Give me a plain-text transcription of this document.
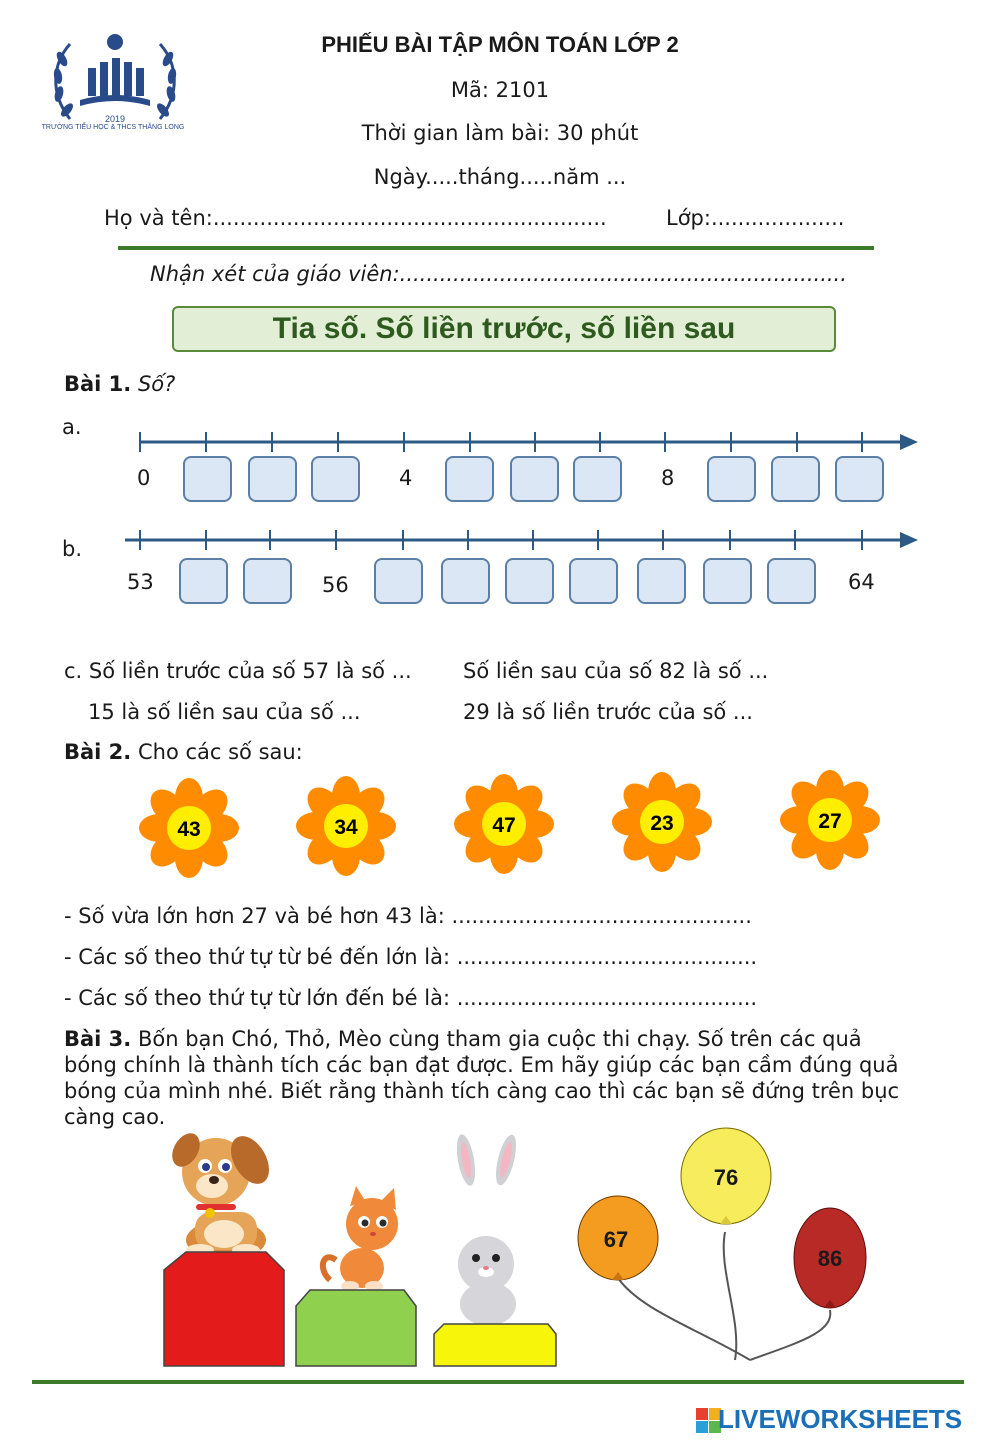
2019
TRƯỜNG TIỂU HỌC & THCS THĂNG LONG
PHIẾU BÀI TẬP MÔN TOÁN LỚP 2
Mã: 2101
Thời gian làm bài: 30 phút
Ngày.....tháng.....năm ...
Họ và tên:...........................................................	Lớp:....................
Nhận xét của giáo viên:...................................................................
Tia số. Số liền trước, số liền sau
Bài 1. Số?
a.
b.
0	4	8
53	56	64
c. Số liền trước của số 57 là số ... Số liền sau của số 82 là số ...
15 là số liền sau của số ...	29 là số liền trước của số ...
Bài 2. Cho các số sau:
43	34	47	23	27
- Số vừa lớn hơn 27 và bé hơn 43 là: .............................................
- Các số theo thứ tự từ bé đến lớn là: .............................................
- Các số theo thứ tự từ lớn đến bé là: .............................................
Bài 3. Bốn bạn Chó, Thỏ, Mèo cùng tham gia cuộc thi chạy. Số trên các quả
bóng chính là thành tích các bạn đạt được. Em hãy giúp các bạn cầm đúng quả
bóng của mình nhé. Biết rằng thành tích càng cao thì các bạn sẽ đứng trên bục
càng cao.
67
76
86
LIVEWORKSHEETS
